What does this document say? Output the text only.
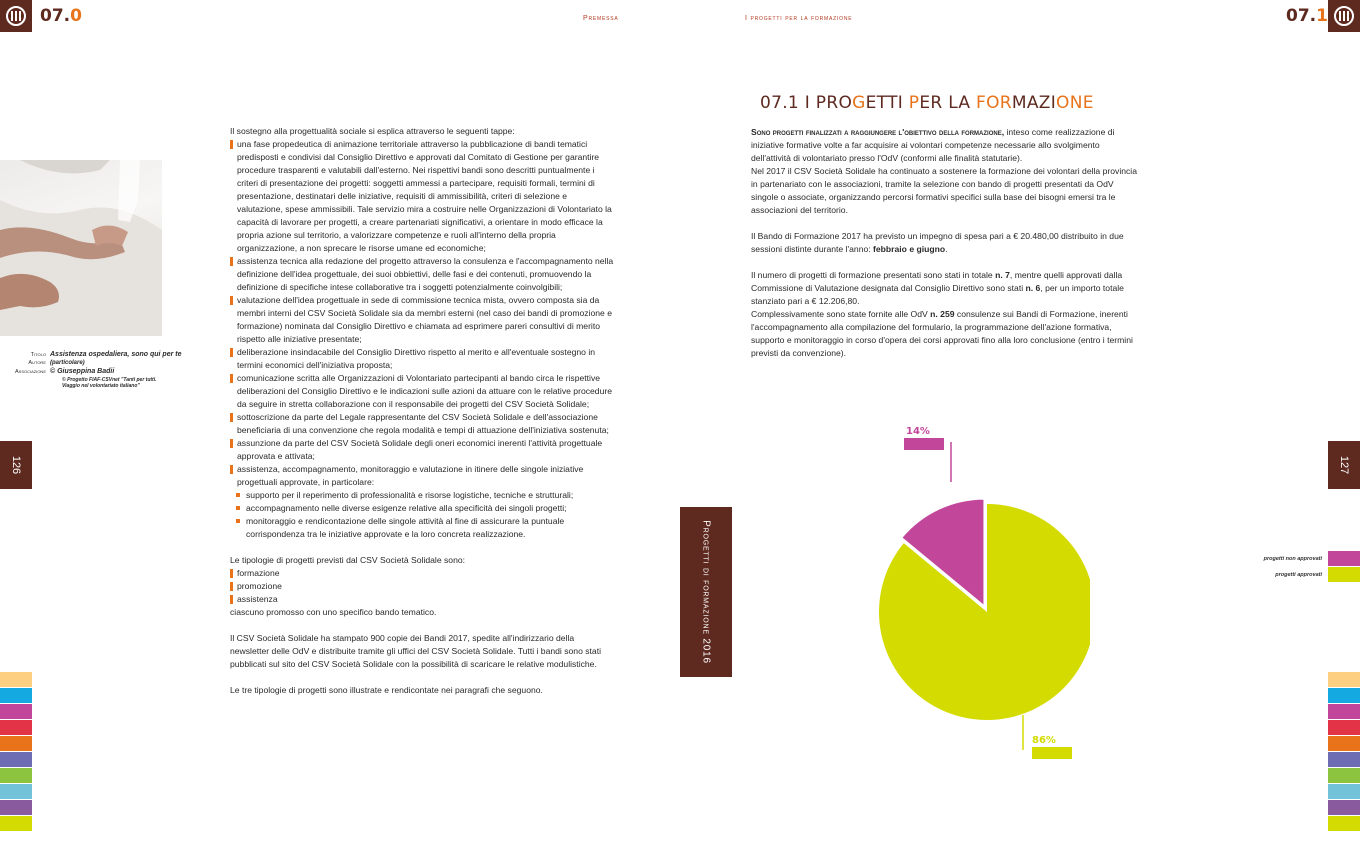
07.0	Premessa
Titolo Assistenza ospedaliera, sono qui per te
Autore (particolare)
Associazione © Giuseppina Badii
© Progetto FIAF-CSVnet "Tanti per tutti. Viaggio nel volontariato italiano"
126

Il sostegno alla progettualità sociale si esplica attraverso le seguenti tappe:

una fase propedeutica di animazione territoriale attraverso la pubblicazione di bandi tematici predisposti e condivisi dal Consiglio Direttivo e approvati dal Comitato di Gestione per garantire procedure trasparenti e valutabili dall'esterno. Nei rispettivi bandi sono descritti puntualmente i criteri di presentazione dei progetti: soggetti ammessi a partecipare, requisiti formali, termini di presentazione, destinatari delle iniziative, requisiti di ammissibilità, criteri di selezione e valutazione, spese ammissibili. Tale servizio mira a costruire nelle Organizzazioni di Volontariato la capacità di lavorare per progetti, a creare partenariati significativi, a orientare in modo efficace la propria azione sul territorio, a valorizzare competenze e ruoli all'interno della propria organizzazione, a non sprecare le risorse umane ed economiche;

assistenza tecnica alla redazione del progetto attraverso la consulenza e l'accompagnamento nella definizione dell'idea progettuale, dei suoi obbiettivi, delle fasi e dei contenuti, promuovendo la definizione di specifiche intese collaborative tra i soggetti potenzialmente coinvolgibili;

valutazione dell'idea progettuale in sede di commissione tecnica mista, ovvero composta sia da membri interni del CSV Società Solidale sia da membri esterni (nel caso dei bandi di promozione e formazione) nominata dal Consiglio Direttivo e chiamata ad esprimere pareri consultivi di merito rispetto alle iniziative presentate;

deliberazione insindacabile del Consiglio Direttivo rispetto al merito e all'eventuale sostegno in termini economici dell'iniziativa proposta;

comunicazione scritta alle Organizzazioni di Volontariato partecipanti al bando circa le rispettive deliberazioni del Consiglio Direttivo e le indicazioni sulle azioni da attuare con le relative procedure da seguire in stretta collaborazione con il responsabile dei progetti del CSV Società Solidale;

sottoscrizione da parte del Legale rappresentante del CSV Società Solidale e dell'associazione beneficiaria di una convenzione che regola modalità e tempi di attuazione dell'iniziativa sostenuta;

assunzione da parte del CSV Società Solidale degli oneri economici inerenti l'attività progettuale approvata e attivata;

assistenza, accompagnamento, monitoraggio e valutazione in itinere delle singole iniziative progettuali approvate, in particolare:

supporto per il reperimento di professionalità e risorse logistiche, tecniche e strutturali;

accompagnamento nelle diverse esigenze relative alla specificità dei singoli progetti;

monitoraggio e rendicontazione delle singole attività al fine di assicurare la puntuale corrispondenza tra le iniziative approvate e la loro concreta realizzazione.

Le tipologie di progetti previsti dal CSV Società Solidale sono:

formazione

promozione

assistenza

ciascuno promosso con uno specifico bando tematico.

Il CSV Società Solidale ha stampato 900 copie dei Bandi 2017, spedite all'indirizzario della newsletter delle OdV e distribuite tramite gli uffici del CSV Società Solidale. Tutti i bandi sono stati pubblicati sul sito del CSV Società Solidale con la possibilità di scaricare le relative modulistiche.

Le tre tipologie di progetti sono illustrate e rendicontate nei paragrafi che seguono.

Progetti di formazione 2016
I progetti per la formazione	07.1
07.1 I PROGETTI PER LA FORMAZIONE

Sono progetti finalizzati a raggiungere l'obiettivo della formazione, inteso come realizzazione di iniziative formative volte a far acquisire ai volontari competenze necessarie allo svolgimento dell'attività di volontariato presso l'OdV (conformi alle finalità statutarie).

Nel 2017 il CSV Società Solidale ha continuato a sostenere la formazione dei volontari della provincia in partenariato con le associazioni, tramite la selezione con bando di progetti presentati da OdV singole o associate, organizzando percorsi formativi specifici sulla base dei bisogni emersi tra le associazioni del territorio.

Il Bando di Formazione 2017 ha previsto un impegno di spesa pari a € 20.480,00 distribuito in due sessioni distinte durante l'anno: febbraio e giugno.

Il numero di progetti di formazione presentati sono stati in totale n. 7, mentre quelli approvati dalla Commissione di Valutazione designata dal Consiglio Direttivo sono stati n. 6, per un importo totale stanziato pari a € 12.206,80.

Complessivamente sono state fornite alle OdV n. 259 consulenze sui Bandi di Formazione, inerenti l'accompagnamento alla compilazione del formulario, la programmazione dell'azione formativa, supporto e monitoraggio in corso d'opera dei corsi approvati fino alla loro conclusione (entro i termini previsti da convenzione).

14%
86%
progetti non approvati
progetti approvati
127
